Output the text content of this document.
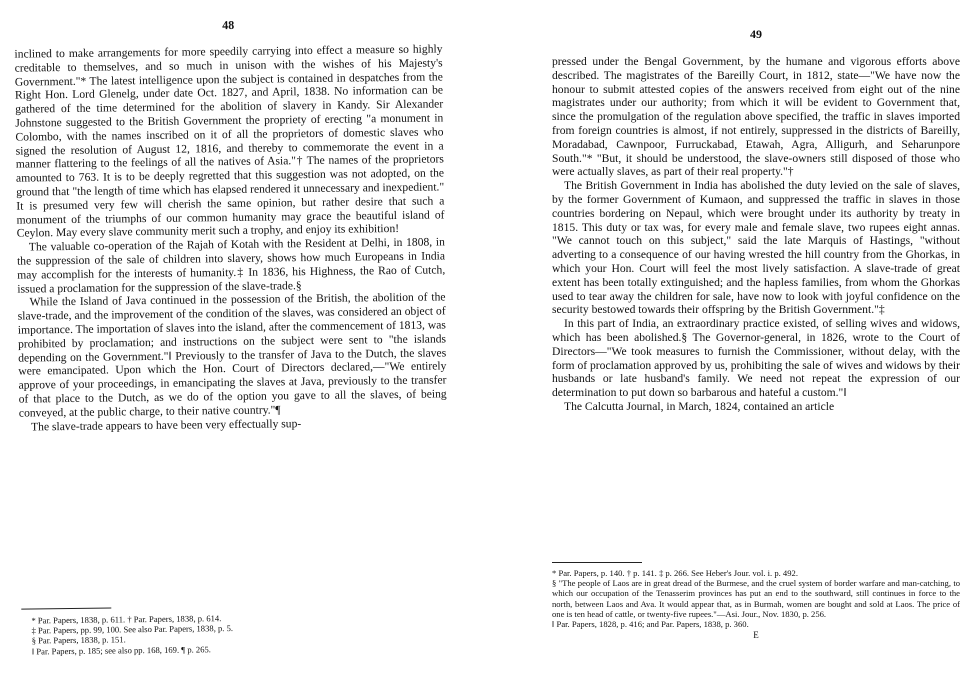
48

inclined to make arrangements for more speedily carrying into effect a measure so highly creditable to themselves, and so much in unison with the wishes of his Majesty's Government."* The latest intelligence upon the subject is contained in despatches from the Right Hon. Lord Glenelg, under date Oct. 1827, and April, 1838. No information can be gathered of the time determined for the abolition of slavery in Kandy. Sir Alexander Johnstone suggested to the British Government the propriety of erecting "a monument in Colombo, with the names inscribed on it of all the proprietors of domestic slaves who signed the resolution of August 12, 1816, and thereby to commemorate the event in a manner flattering to the feelings of all the natives of Asia."† The names of the proprietors amounted to 763. It is to be deeply regretted that this suggestion was not adopted, on the ground that "the length of time which has elapsed rendered it unnecessary and inexpedient." It is presumed very few will cherish the same opinion, but rather desire that such a monument of the triumphs of our common humanity may grace the beautiful island of Ceylon. May every slave community merit such a trophy, and enjoy its exhibition!

The valuable co-operation of the Rajah of Kotah with the Resident at Delhi, in 1808, in the suppression of the sale of children into slavery, shows how much Europeans in India may accomplish for the interests of humanity.‡ In 1836, his Highness, the Rao of Cutch, issued a proclamation for the suppression of the slave-trade.§

While the Island of Java continued in the possession of the British, the abolition of the slave-trade, and the improvement of the condition of the slaves, was considered an object of importance. The importation of slaves into the island, after the commencement of 1813, was prohibited by proclamation; and instructions on the subject were sent to "the islands depending on the Government."‖ Previously to the transfer of Java to the Dutch, the slaves were emancipated. Upon which the Hon. Court of Directors declared,—"We entirely approve of your proceedings, in emancipating the slaves at Java, previously to the transfer of that place to the Dutch, as we do of the option you gave to all the slaves, of being conveyed, at the public charge, to their native country."¶

The slave-trade appears to have been very effectually sup-

* Par. Papers, 1838, p. 611. † Par. Papers, 1838, p. 614.

‡ Par. Papers, pp. 99, 100. See also Par. Papers, 1838, p. 5.

§ Par. Papers, 1838, p. 151.

‖ Par. Papers, p. 185; see also pp. 168, 169. ¶ p. 265.

49

pressed under the Bengal Government, by the humane and vigorous efforts above described. The magistrates of the Bareilly Court, in 1812, state—"We have now the honour to submit attested copies of the answers received from eight out of the nine magistrates under our authority; from which it will be evident to Government that, since the promulgation of the regulation above specified, the traffic in slaves imported from foreign countries is almost, if not entirely, suppressed in the districts of Bareilly, Moradabad, Cawnpoor, Furruckabad, Etawah, Agra, Alligurh, and Seharunpore South."* "But, it should be understood, the slave-owners still disposed of those who were actually slaves, as part of their real property."†

The British Government in India has abolished the duty levied on the sale of slaves, by the former Government of Kumaon, and suppressed the traffic in slaves in those countries bordering on Nepaul, which were brought under its authority by treaty in 1815. This duty or tax was, for every male and female slave, two rupees eight annas. "We cannot touch on this subject," said the late Marquis of Hastings, "without adverting to a consequence of our having wrested the hill country from the Ghorkas, in which your Hon. Court will feel the most lively satisfaction. A slave-trade of great extent has been totally extinguished; and the hapless families, from whom the Ghorkas used to tear away the children for sale, have now to look with joyful confidence on the security bestowed towards their offspring by the British Government."‡

In this part of India, an extraordinary practice existed, of selling wives and widows, which has been abolished.§ The Governor-general, in 1826, wrote to the Court of Directors—"We took measures to furnish the Commissioner, without delay, with the form of proclamation approved by us, prohibiting the sale of wives and widows by their husbands or late husband's family. We need not repeat the expression of our determination to put down so barbarous and hateful a custom."‖

The Calcutta Journal, in March, 1824, contained an article

* Par. Papers, p. 140. † p. 141. ‡ p. 266. See Heber's Jour. vol. i. p. 492.

§ "The people of Laos are in great dread of the Burmese, and the cruel system of border warfare and man-catching, to which our occupation of the Tenasserim provinces has put an end to the southward, still continues in force to the north, between Laos and Ava. It would appear that, as in Burmah, women are bought and sold at Laos. The price of one is ten head of cattle, or twenty-five rupees."—Asi. Jour., Nov. 1830, p. 256.

‖ Par. Papers, 1828, p. 416; and Par. Papers, 1838, p. 360.

E
